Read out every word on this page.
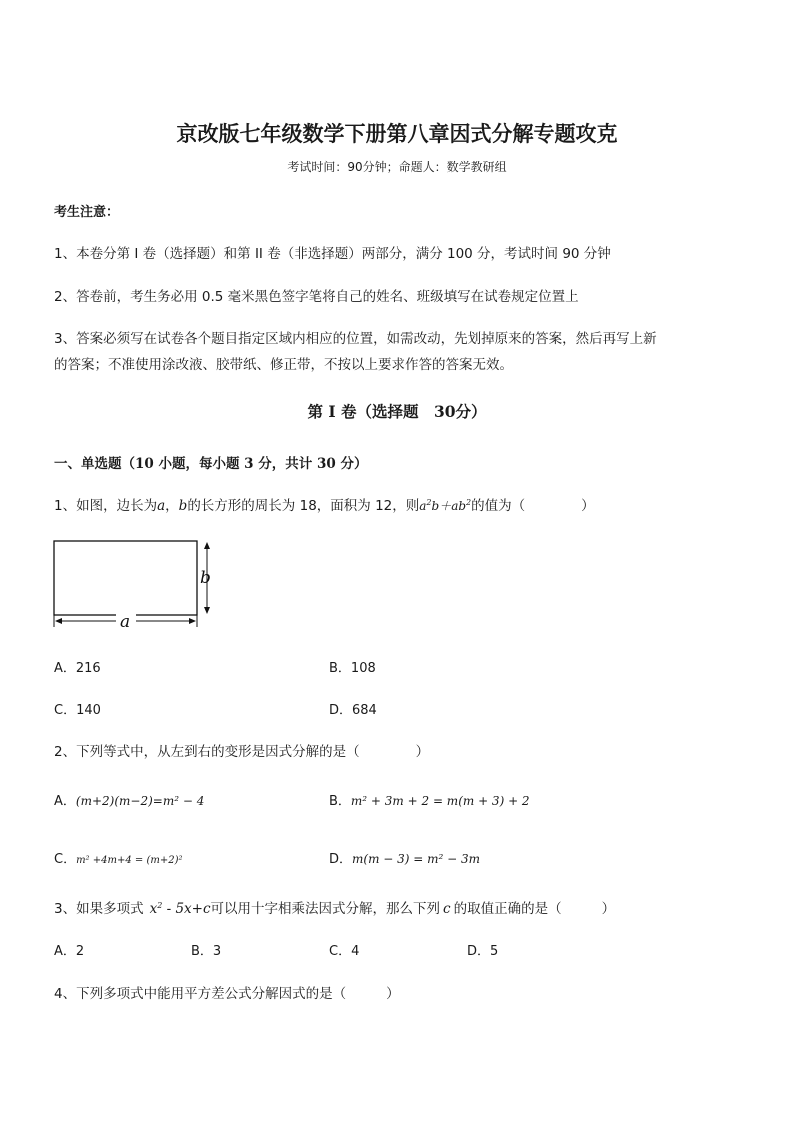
京改版七年级数学下册第八章因式分解专题攻克
考试时间：90分钟；命题人：数学教研组
考生注意：
1、本卷分第 I 卷（选择题）和第 II 卷（非选择题）两部分，满分 100 分，考试时间 90 分钟
2、答卷前，考生务必用 0.5 毫米黑色签字笔将自己的姓名、班级填写在试卷规定位置上
3、答案必须写在试卷各个题目指定区域内相应的位置，如需改动，先划掉原来的答案，然后再写上新
的答案；不准使用涂改液、胶带纸、修正带，不按以上要求作答的答案无效。
第 I 卷（选择题　30分）
一、单选题（10 小题，每小题 3 分，共计 30 分）
1、如图，边长为a，b的长方形的周长为 18，面积为 12，则$a^2b+ab^2$的值为（	）
b
a
A．216	B．108
C．140	D．684
2、下列等式中，从左到右的变形是因式分解的是（	）
A．(m+2)(m−2)=m² − 4	B．m² + 3m + 2 = m(m + 3) + 2
C．m² +4m+4 = (m+2)²	D．m(m − 3) = m² − 3m
3、如果多项式 $x^2 - 5x+c$可以用十字相乘法因式分解，那么下列 c 的取值正确的是（	）
A．2	B．3	C．4	D．5
4、下列多项式中能用平方差公式分解因式的是（	）
